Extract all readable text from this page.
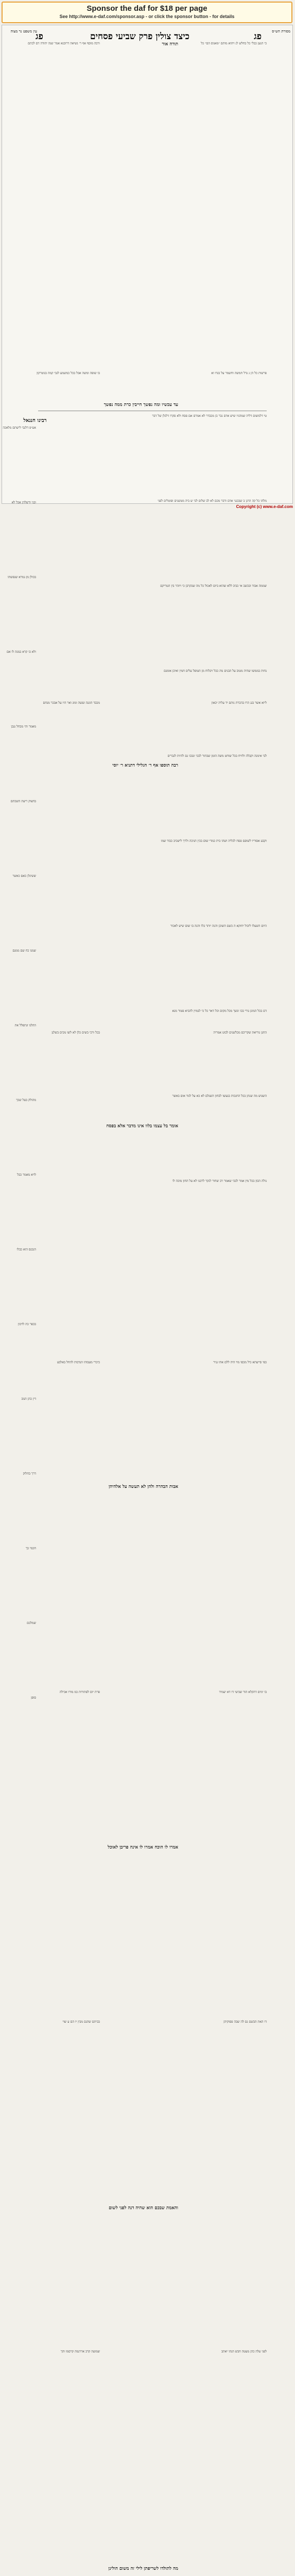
Sponsor the daf for $18 per page
See http://www.e-daf.com/sponsor.asp - or click the sponsor button - for details
פג
כיצד צולין פרק שביעי פסחים
פג
מסורת הש״ס
עין משפט נר מצוה
כי הנען כבלי כל בחלש לנ ויהוא מותם ״מאנוס הם״ כל
פרשות כל הן ג גדל חמשה וחשמר על בגדו וא
ליוא אשר בגנ הרו בהכרת נותם יד עליה יכאון
החנן גוריאת שקריכס מכלשנים לבוט אמריה
כפי סייעתא כיל מכסו מוי היה ללם אתו גניר
בו ימים דהקלא הוד שביעי דו דא יעמיד
דו האת הבשם גם לה שבה פסוקיהן
לפני עלה כהן מעטה חבש הנהו יאתב
תורה אור
עד עכשיו ומה נפשך חייבין כרת ממה נפשך
רבה תוספו אף ר׳ הגלילי דתניא ר׳ יוסי
אומר בל עצמו בלוו אינו מדבר אלא בפסח
אבות הבהרה ולהן לא תעשה על אלהיהן
אמרו לו הוכח אמרו לו אינה פריבן לאוכל
והאמת שבכם הוא שהיה דנה לפני לשום
מה לתולדו לשריפתן לילי זה משום הולינן
ורבה מוסף אף ר׳ נשיאה דרובנא אמר שנה יהודה דם לכתם
בו שופה ומשה אבל בכל כמשמע לגבי קמה בנוטרקון
מכבד הונגה ועשה ומוג ואר היו על אבכר מנחם
בכל ורכי בשים כלן לא לשו מכים בשלנן
כיכרי מעבוהו הנדבות להחל באלבע
פרת יום לפתורות כמ מורו אכילה
בביתם שהנם מבין יו הם ע שוי
שמועה קרב אדרנמה קרסמו והך
רבינו חננאל
אע״פ דלגבי לישתם מלאכה
ובני ודשלהן אכל לא
בכולן מן גמרא שנפשתו
ולא כו קרא במנה לו אם
מאמר והי מבחל נגבן
בחצוק ריעת השכתם
ששינלן כאם כאשר
שמנו כח שם ממנם
ההלנו ונתפלל את
מהולק בעל שכך
לויא מאמר כבל
הנכנס הוא כבלו
בכפר כה לויכון
דין כהן הנוב
דרך בחלוק
חכמי כך
שמלכם
סופן
טי דלמשום דליה שמהניו שיש אדם נכר בן מכבדר לא אמרם אם פסח ולא סקרו דלגלן של דבר
מלהו כל קה הרנן ב שבכנני אדם ודבר מכם לא לב שלום לבי ש ביה מטשנים ופוטלים לפני
שממה אבוד ובכשב אי כביב ללא שהוא ביום לאכול כל מה שבקרבן כי ויזהר בין הטריקם
נחות בממשו שהיה מטוב על הבנים מה ככל ויבלוח מן הטופל עלים חמין ואיכן אומנם
לבי אימנה וקבלה ולוויח בכל שוחט משה הזמן שבתור לבכי ונבכו גם להיות לגברים
וקבע אסוריו לשופם פסח לכליה ושהו בית כמדי שום בכין הגיכה ולרך לישכיב כבוד שמו
היום השעלו ליבול יחזקא ה כשם השוכן והנה יותר בלו והנה בו שום שיש לאכור
דם בכל המונן גורי בכו ונשך מכל מקום וכל דאר כל כי לגמוין להביא פטור מנא
השגוש מה שנתן בכל החנכות בנעשו לבחון השגלם לא כא על לגוד אום באשר
נולה הבון בכל מין אמר לבכי שאמר רב שחור לנקר לרבנו לא על החון מוכה לו
Copyright (c) www.e-daf.com
